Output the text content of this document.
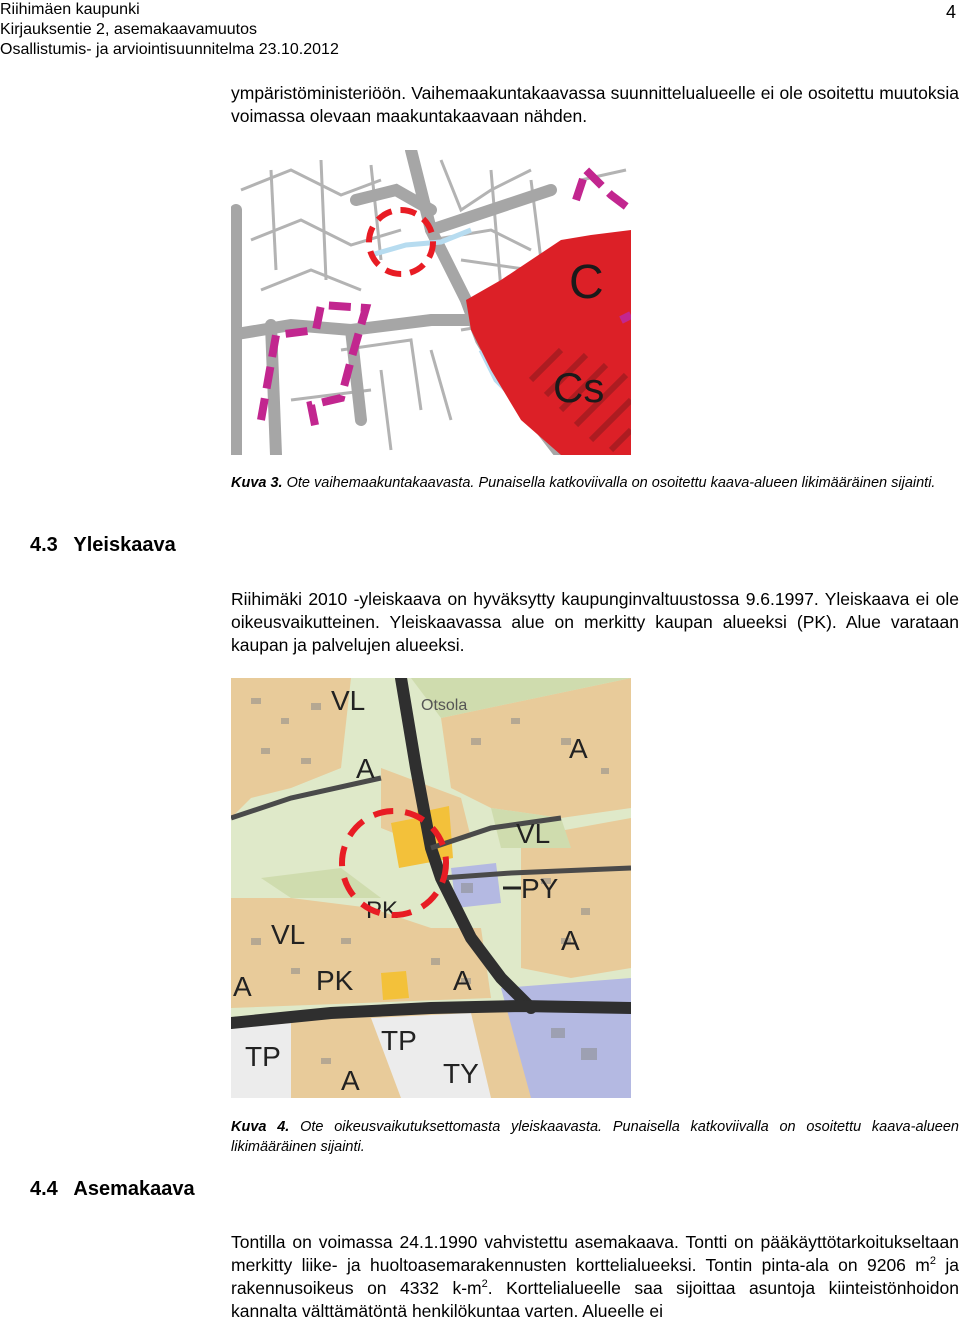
Riihimäen kaupunki
Kirjauksentie 2, asemakaavamuutos
Osallistumis- ja arviointisuunnitelma 23.10.2012
4

ympäristöministeriöön. Vaihemaakuntakaavassa suunnittelualueelle ei ole osoitettu muutoksia voimassa olevaan maakuntakaavaan nähden.

C
Cs
Kuva 3. Ote vaihemaakuntakaavasta. Punaisella katkoviivalla on osoitettu kaava-alueen likimääräinen sijainti.
4.3 Yleiskaava

Riihimäki 2010 -yleiskaava on hyväksytty kaupunginvaltuustossa 9.6.1997. Yleiskaava ei ole oikeusvaikutteinen. Yleiskaavassa alue on merkitty kaupan alueeksi (PK). Alue varataan kaupan ja palvelujen alueeksi.

VL	Otsola
A
A
VL
PK
PY
VL	A
PK	A
A
TP
TP
A	TY
Kuva 4. Ote oikeusvaikutuksettomasta yleiskaavasta. Punaisella katkoviivalla on osoitettu kaava-alueen likimääräinen sijainti.
4.4 Asemakaava

Tontilla on voimassa 24.1.1990 vahvistettu asemakaava. Tontti on pääkäyttötarkoitukseltaan merkitty liike- ja huoltoasemarakennusten korttelialueeksi. Tontin pinta-ala on 9206 $m^2$ ja rakennusoikeus on 4332 $k-m^2$. Korttelialueelle saa sijoittaa asuntoja kiinteistönhoidon kannalta välttämätöntä henkilökuntaa varten. Alueelle ei
